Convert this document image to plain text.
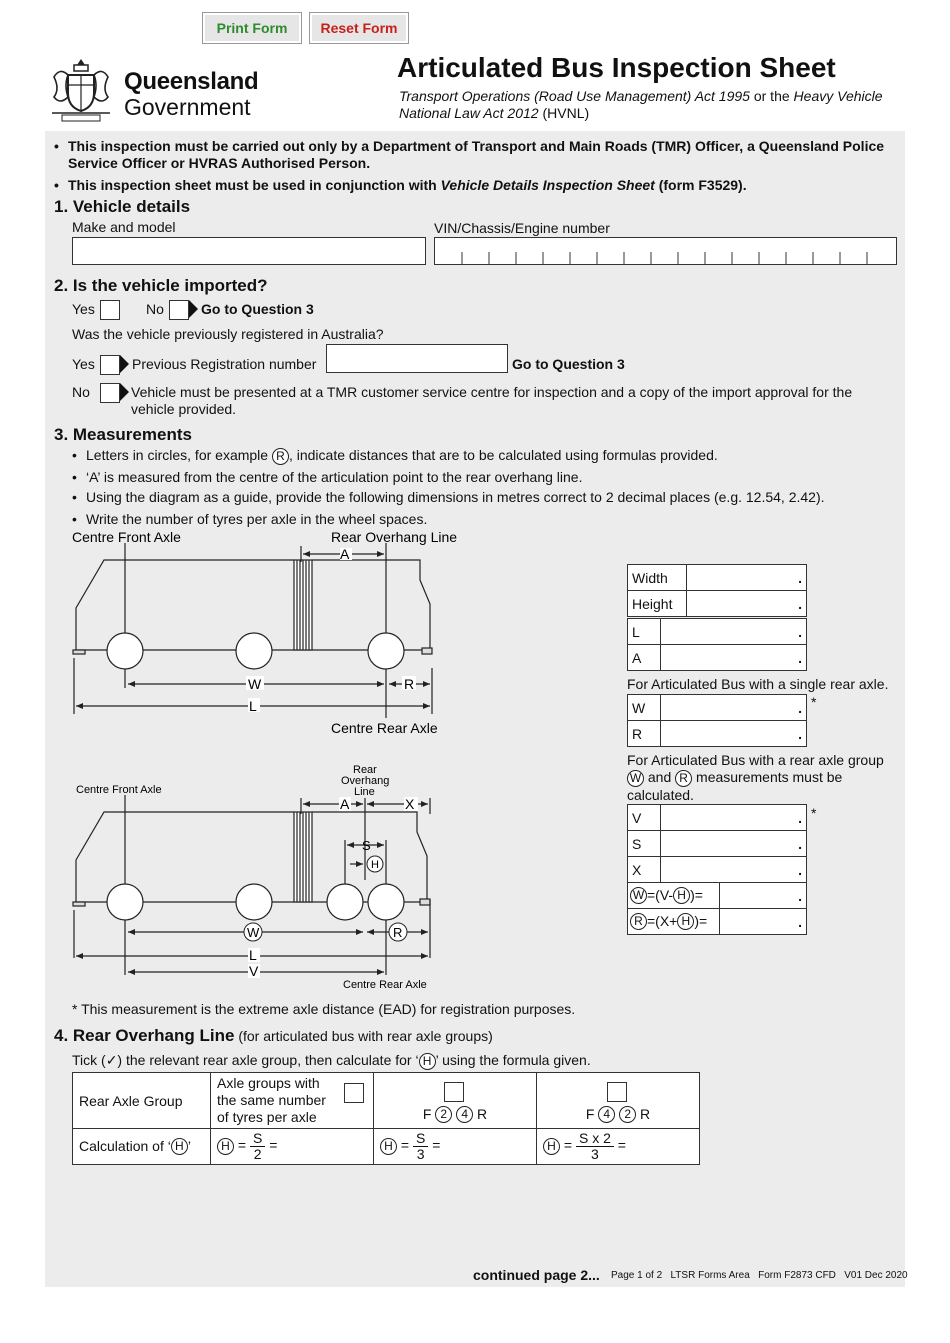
Print Form	Reset Form
Queensland
Government
Articulated Bus Inspection Sheet
Transport Operations (Road Use Management) Act 1995 or the Heavy Vehicle National Law Act 2012 (HVNL)
• This inspection must be carried out only by a Department of Transport and Main Roads (TMR) Officer, a Queensland Police Service Officer or HVRAS Authorised Person.
• This inspection sheet must be used in conjunction with Vehicle Details Inspection Sheet (form F3529).
1. Vehicle details
Make and model	VIN/Chassis/Engine number
2. Is the vehicle imported?
Yes	No	Go to Question 3
Was the vehicle previously registered in Australia?
Yes	Previous Registration number	Go to Question 3
No	Vehicle must be presented at a TMR customer service centre for inspection and a copy of the import approval for the vehicle provided.
3. Measurements
• Letters in circles, for example R , indicate distances that are to be calculated using formulas provided.
• ‘A’ is measured from the centre of the articulation point to the rear overhang line.
• Using the diagram as a guide, provide the following dimensions in metres correct to 2 decimal places (e.g. 12.54, 2.42).
• Write the number of tyres per axle in the wheel spaces.
Centre Front Axle	Rear Overhang Line
A
W	R
L
Centre Rear Axle
Centre Front Axle
Rear
Overhang
Line
A	X
S
H
W	R
L
V
Centre Rear Axle
Width	.
Height	.
L	.
A	.
For Articulated Bus with a single rear axle.
W	.
R	.
*
For Articulated Bus with a rear axle group
W and R measurements must be calculated.
V	.	
S	.	
X	.	
W =(V- H )=		.
R =(X+ H )=		.
*
* This measurement is the extreme axle distance (EAD) for registration purposes.
4. Rear Overhang Line (for articulated bus with rear axle groups)
Tick (✓) the relevant rear axle group, then calculate for ‘ H ’ using the formula given.
Rear Axle Group	Axle groups with the same number of tyres per axle	F 2 4 R	F 4 2 R

Calculation of ‘ H ’	$H = \frac{S}{2}$ =	$H = \frac{S}{3}$ =	$H = \frac{\text{S x 2}}{3}$ =
continued page 2... Page 1 of 2   LTSR Forms Area   Form F2873 CFD   V01 Dec 2020
